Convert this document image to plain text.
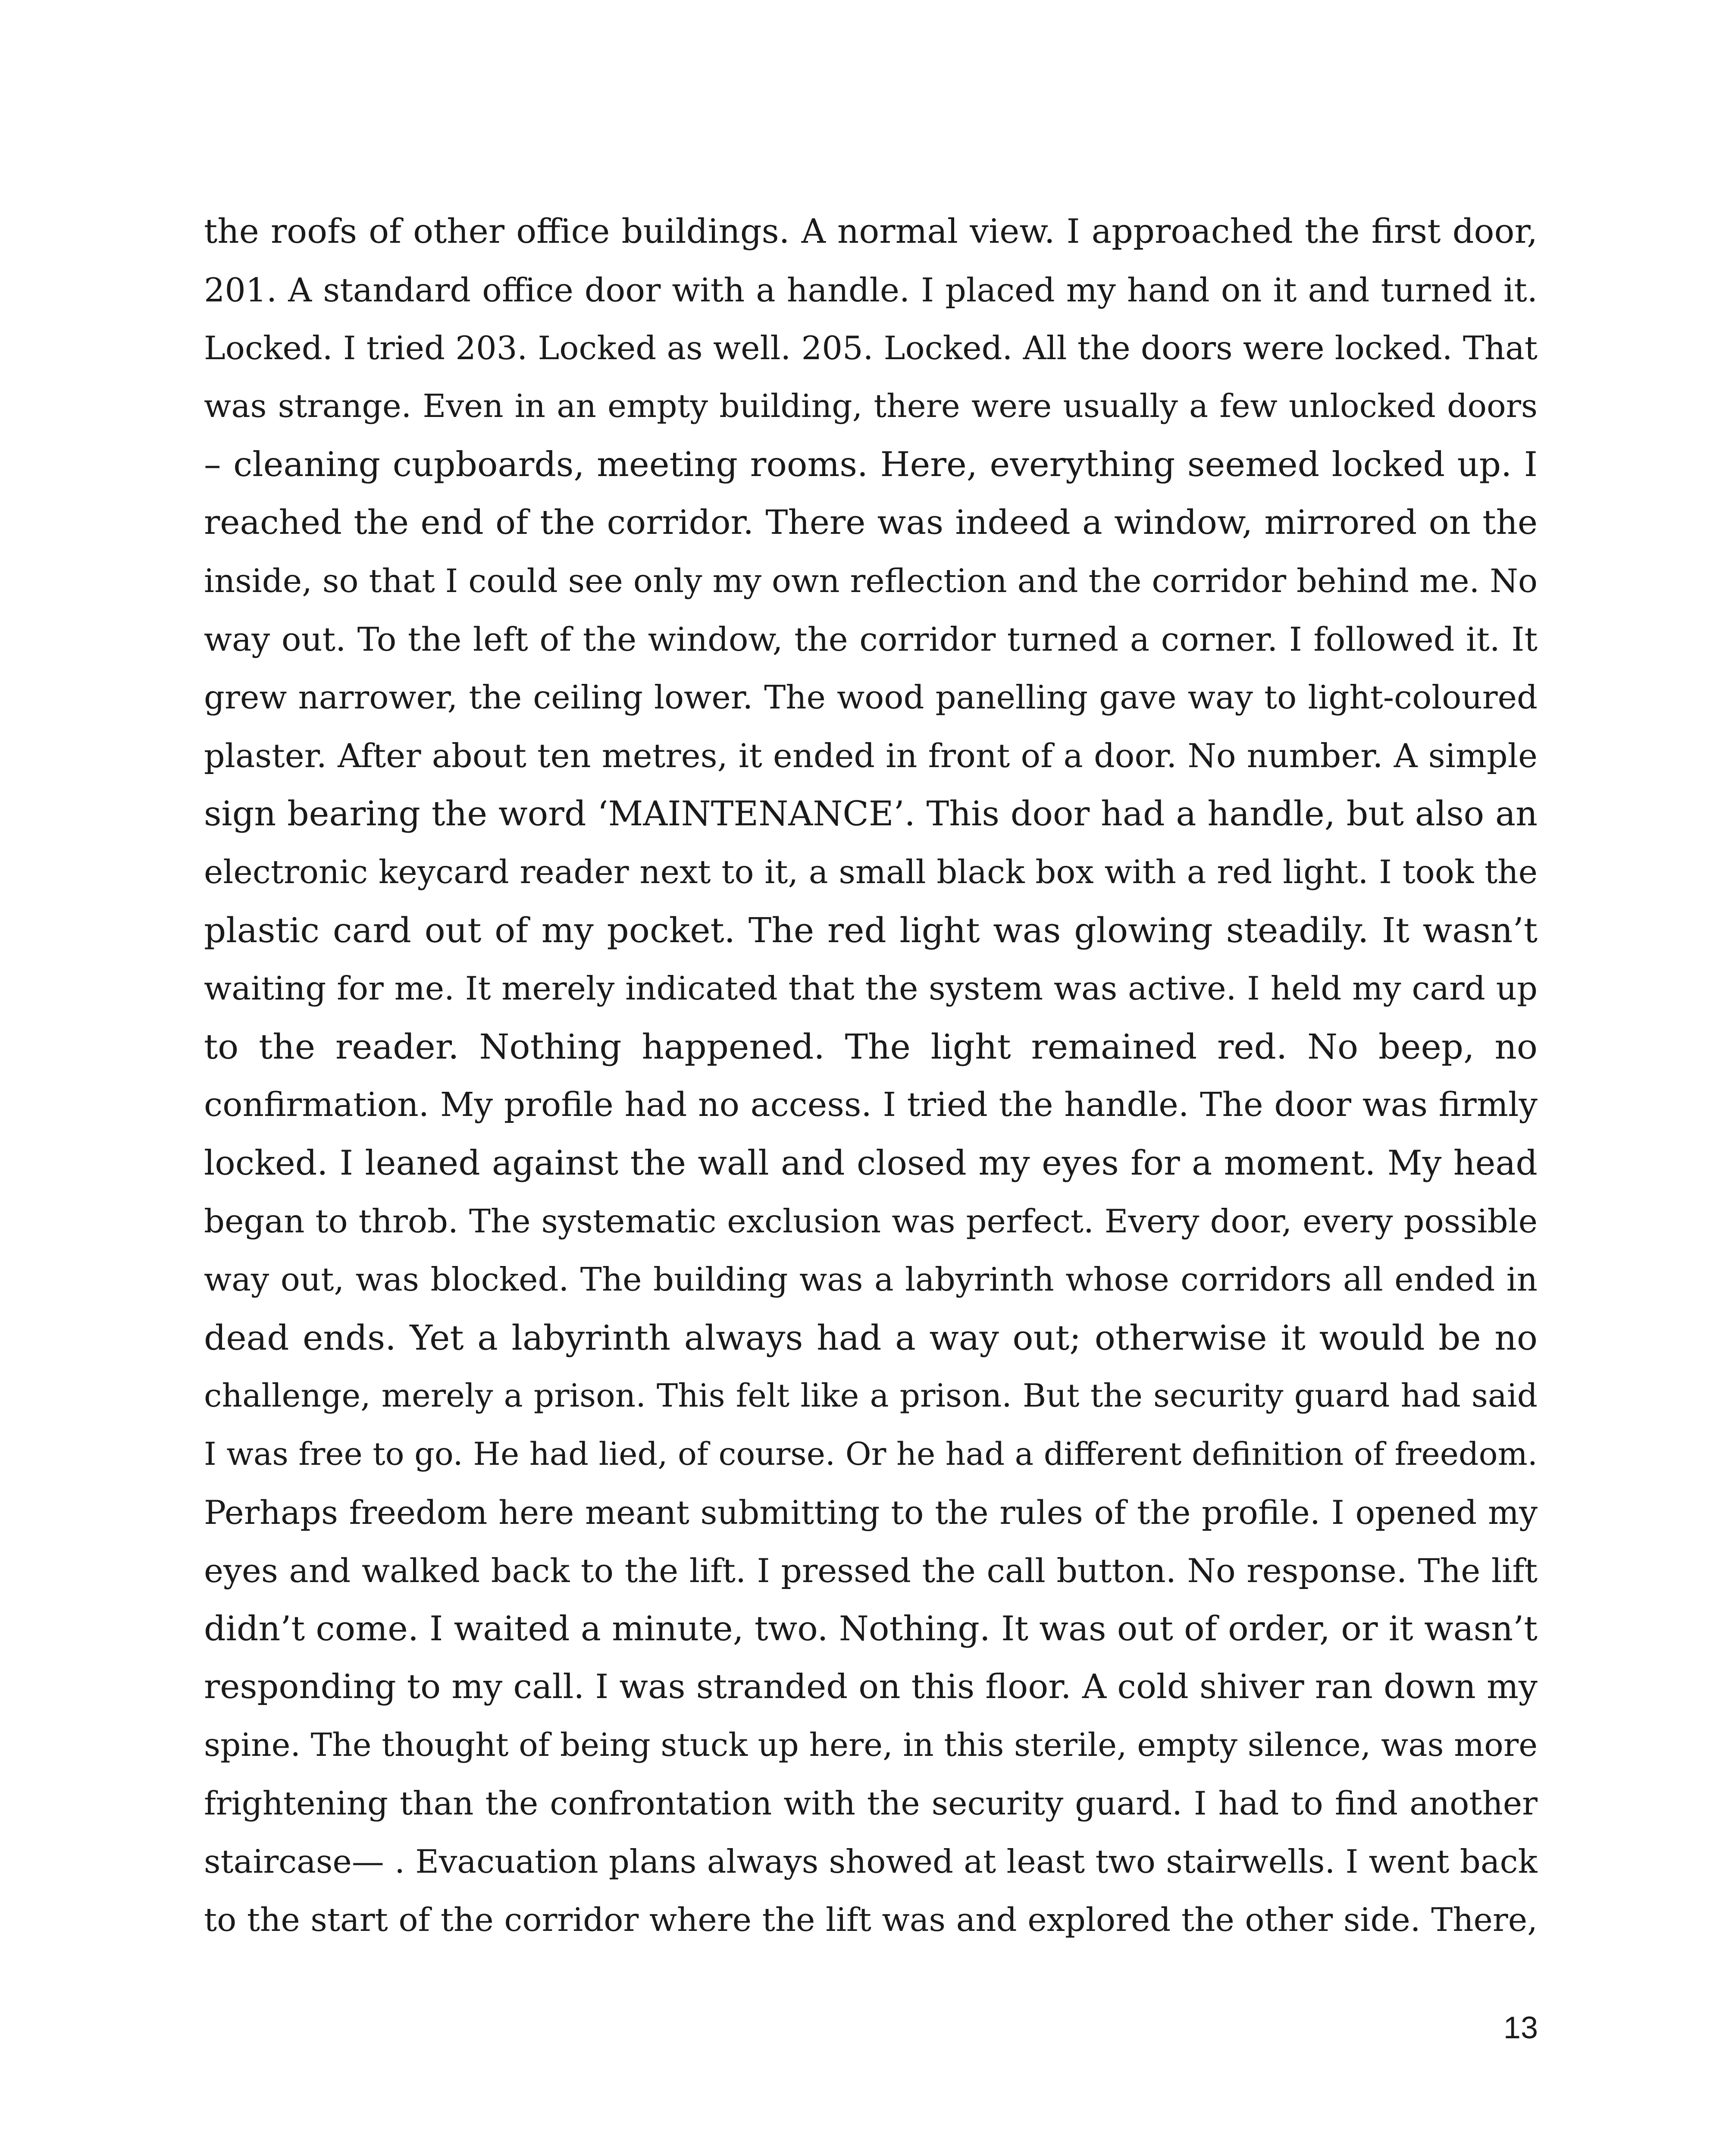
the roofs of other office buildings. A normal view. I approached the first door,
201. A standard office door with a handle. I placed my hand on it and turned it.
Locked. I tried 203. Locked as well. 205. Locked. All the doors were locked. That
was strange. Even in an empty building, there were usually a few unlocked doors
– cleaning cupboards, meeting rooms. Here, everything seemed locked up. I
reached the end of the corridor. There was indeed a window, mirrored on the
inside, so that I could see only my own reflection and the corridor behind me. No
way out. To the left of the window, the corridor turned a corner. I followed it. It
grew narrower, the ceiling lower. The wood panelling gave way to light-coloured
plaster. After about ten metres, it ended in front of a door. No number. A simple
sign bearing the word ‘MAINTENANCE’. This door had a handle, but also an
electronic keycard reader next to it, a small black box with a red light. I took the
plastic card out of my pocket. The red light was glowing steadily. It wasn’t
waiting for me. It merely indicated that the system was active. I held my card up
to the reader. Nothing happened. The light remained red. No beep, no
confirmation. My profile had no access. I tried the handle. The door was firmly
locked. I leaned against the wall and closed my eyes for a moment. My head
began to throb. The systematic exclusion was perfect. Every door, every possible
way out, was blocked. The building was a labyrinth whose corridors all ended in
dead ends. Yet a labyrinth always had a way out; otherwise it would be no
challenge, merely a prison. This felt like a prison. But the security guard had said
I was free to go. He had lied, of course. Or he had a different definition of freedom.
Perhaps freedom here meant submitting to the rules of the profile. I opened my
eyes and walked back to the lift. I pressed the call button. No response. The lift
didn’t come. I waited a minute, two. Nothing. It was out of order, or it wasn’t
responding to my call. I was stranded on this floor. A cold shiver ran down my
spine. The thought of being stuck up here, in this sterile, empty silence, was more
frightening than the confrontation with the security guard. I had to find another
staircase— . Evacuation plans always showed at least two stairwells. I went back
to the start of the corridor where the lift was and explored the other side. There,
13
